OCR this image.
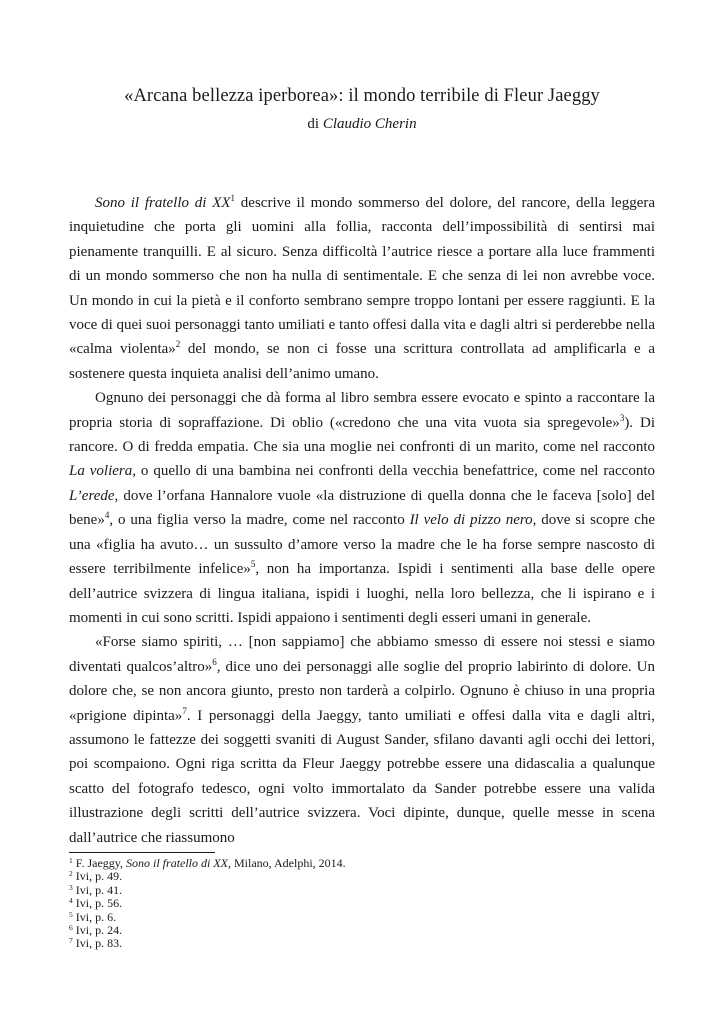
«Arcana bellezza iperborea»: il mondo terribile di Fleur Jaeggy
di Claudio Cherin

Sono il fratello di $XX^1$ descrive il mondo sommerso del dolore, del rancore, della leggera inquietudine che porta gli uomini alla follia, racconta dell’impossibilità di sentirsi mai pienamente tranquilli. E al sicuro. Senza difficoltà l’autrice riesce a portare alla luce frammenti di un mondo sommerso che non ha nulla di sentimentale. E che senza di lei non avrebbe voce. Un mondo in cui la pietà e il conforto sembrano sempre troppo lontani per essere raggiunti. E la voce di quei suoi personaggi tanto umiliati e tanto offesi dalla vita e dagli altri si perderebbe nella «calma violenta»$^2$ del mondo, se non ci fosse una scrittura controllata ad amplificarla e a sostenere questa inquieta analisi dell’animo umano.

Ognuno dei personaggi che dà forma al libro sembra essere evocato e spinto a raccontare la propria storia di sopraffazione. Di oblio («credono che una vita vuota sia spregevole»$^3$). Di rancore. O di fredda empatia. Che sia una moglie nei confronti di un marito, come nel racconto La voliera, o quello di una bambina nei confronti della vecchia benefattrice, come nel racconto L’erede, dove l’orfana Hannalore vuole «la distruzione di quella donna che le faceva [solo] del bene»$^4$, o una figlia verso la madre, come nel racconto Il velo di pizzo nero, dove si scopre che una «figlia ha avuto… un sussulto d’amore verso la madre che le ha forse sempre nascosto di essere terribilmente infelice»$^5$, non ha importanza. Ispidi i sentimenti alla base delle opere dell’autrice svizzera di lingua italiana, ispidi i luoghi, nella loro bellezza, che li ispirano e i momenti in cui sono scritti. Ispidi appaiono i sentimenti degli esseri umani in generale.

«Forse siamo spiriti, … [non sappiamo] che abbiamo smesso di essere noi stessi e siamo diventati qualcos’altro»$^6$, dice uno dei personaggi alle soglie del proprio labirinto di dolore. Un dolore che, se non ancora giunto, presto non tarderà a colpirlo. Ognuno è chiuso in una propria «prigione dipinta»$^7$. I personaggi della Jaeggy, tanto umiliati e offesi dalla vita e dagli altri, assumono le fattezze dei soggetti svaniti di August Sander, sfilano davanti agli occhi dei lettori, poi scompaiono. Ogni riga scritta da Fleur Jaeggy potrebbe essere una didascalia a qualunque scatto del fotografo tedesco, ogni volto immortalato da Sander potrebbe essere una valida illustrazione degli scritti dell’autrice svizzera. Voci dipinte, dunque, quelle messe in scena dall’autrice che riassumono

$^1$ F. Jaeggy, Sono il fratello di XX, Milano, Adelphi, 2014.
$^2$ Ivi, p. 49.
$^3$ Ivi, p. 41.
$^4$ Ivi, p. 56.
$^5$ Ivi, p. 6.
$^6$ Ivi, p. 24.
$^7$ Ivi, p. 83.
